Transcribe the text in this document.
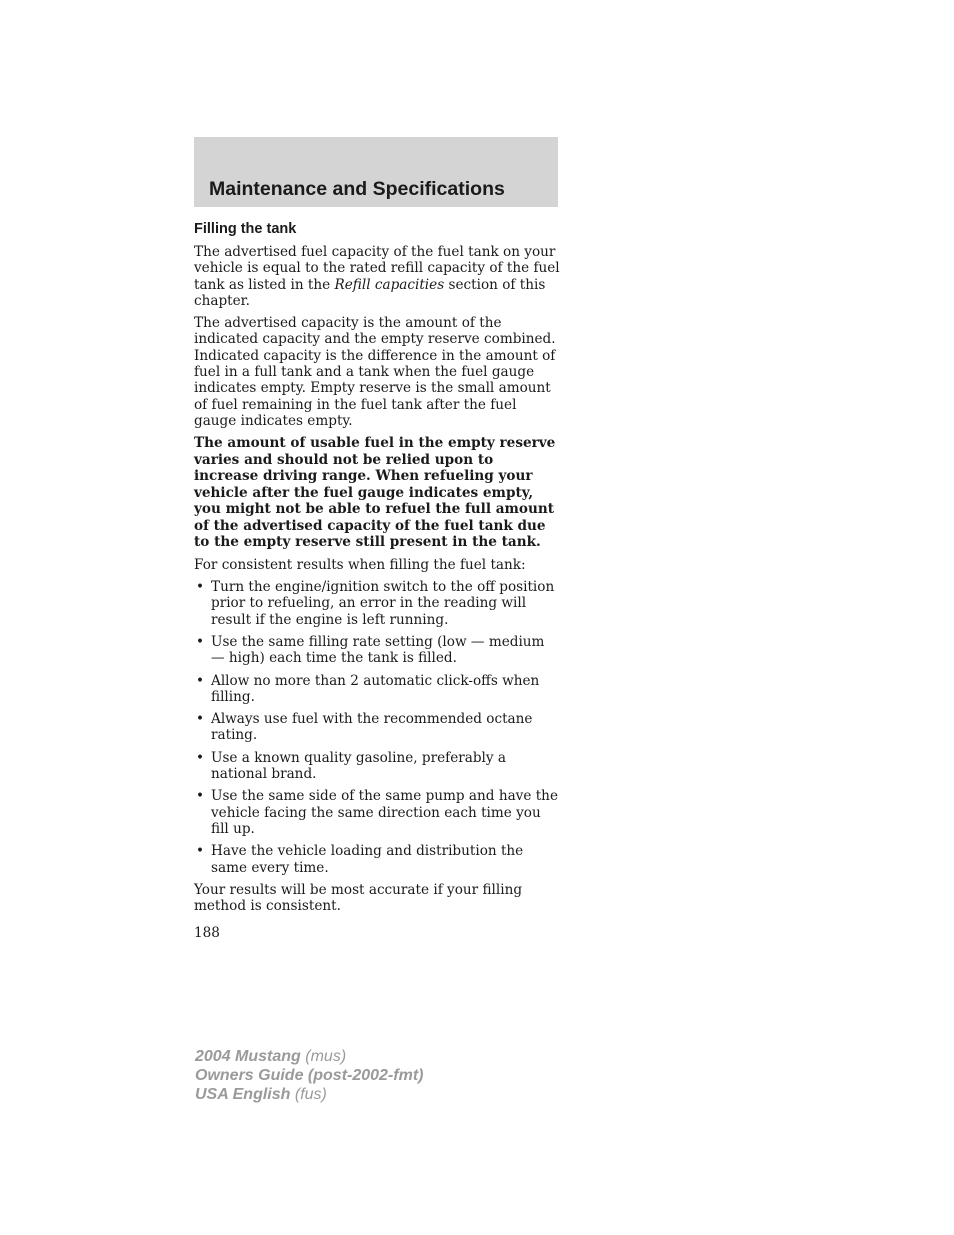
Maintenance and Specifications
Filling the tank

The advertised fuel capacity of the fuel tank on your vehicle is equal to the rated refill capacity of the fuel tank as listed in the Refill capacities section of this chapter.

The advertised capacity is the amount of the indicated capacity and the empty reserve combined. Indicated capacity is the difference in the amount of fuel in a full tank and a tank when the fuel gauge indicates empty. Empty reserve is the small amount of fuel remaining in the fuel tank after the fuel gauge indicates empty.

The amount of usable fuel in the empty reserve varies and should not be relied upon to increase driving range. When refueling your vehicle after the fuel gauge indicates empty, you might not be able to refuel the full amount of the advertised capacity of the fuel tank due to the empty reserve still present in the tank.

For consistent results when filling the fuel tank:

• Turn the engine/ignition switch to the off position prior to refueling, an error in the reading will result if the engine is left running.
• Use the same filling rate setting (low — medium — high) each time the tank is filled.
• Allow no more than 2 automatic click-offs when filling.
• Always use fuel with the recommended octane rating.
• Use a known quality gasoline, preferably a national brand.
• Use the same side of the same pump and have the vehicle facing the same direction each time you fill up.
• Have the vehicle loading and distribution the same every time.

Your results will be most accurate if your filling method is consistent.

188
2004 Mustang (mus)
Owners Guide (post-2002-fmt)
USA English (fus)
